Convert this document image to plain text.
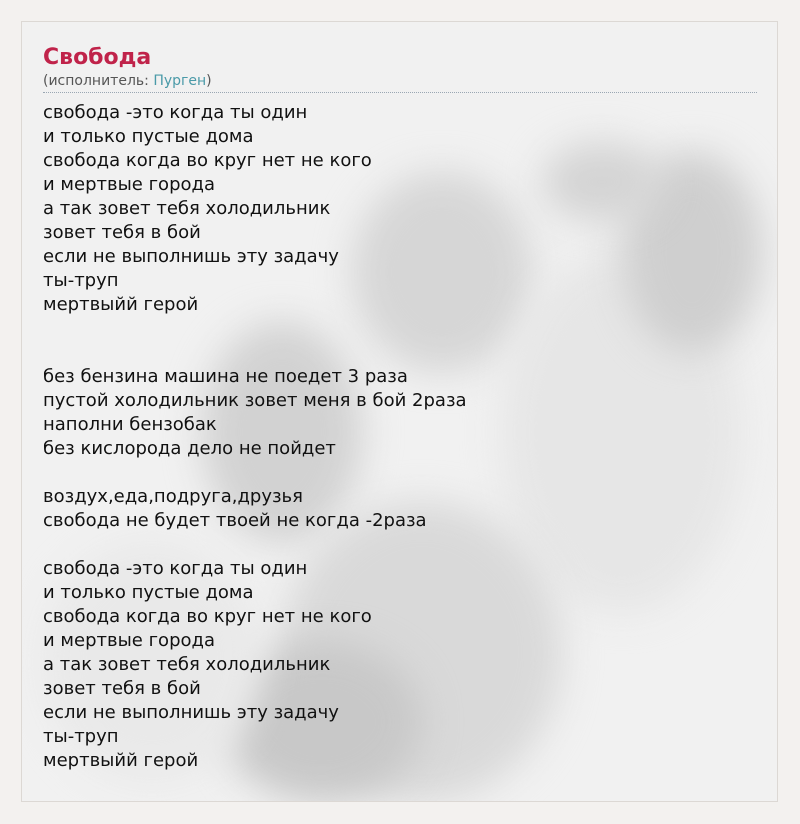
Свобода
(исполнитель: Пурген)
свобода -это когда ты один
и только пустые дома
свобода когда во круг нет не кого
и мертвые города
а так зовет тебя холодильник
зовет тебя в бой
если не выполнишь эту задачу
ты-труп
мертвыйй герой
без бензина машина не поедет 3 раза
пустой холодильник зовет меня в бой 2раза
наполни бензобак
без кислорода дело не пойдет
воздух,еда,подруга,друзья
свобода не будет твоей не когда -2раза
свобода -это когда ты один
и только пустые дома
свобода когда во круг нет не кого
и мертвые города
а так зовет тебя холодильник
зовет тебя в бой
если не выполнишь эту задачу
ты-труп
мертвыйй герой
